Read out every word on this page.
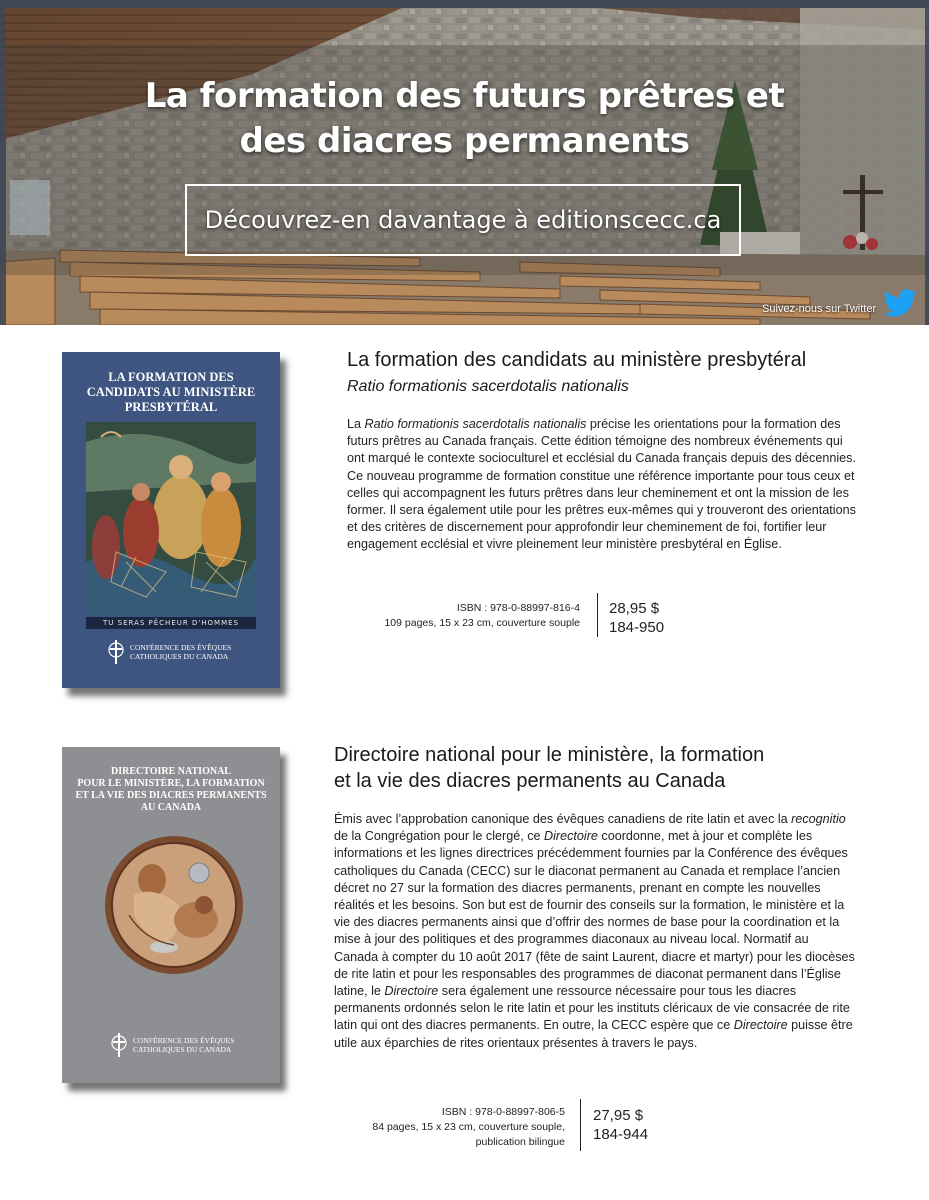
La formation des futurs prêtres et
des diacres permanents
Découvrez-en davantage à editionscecc.ca
Suivez-nous sur Twitter
LA FORMATION DES
CANDIDATS AU MINISTÈRE
PRESBYTÉRAL
TU SERAS PÊCHEUR D'HOMMES
CONFÉRENCE DES ÉVÊQUES
CATHOLIQUES DU CANADA
La formation des candidats au ministère presbytéral
Ratio formationis sacerdotalis nationalis

La Ratio formationis sacerdotalis nationalis précise les orientations pour la formation des futurs prêtres au Canada français. Cette édition témoigne des nombreux événements qui ont marqué le contexte socioculturel et ecclésial du Canada français depuis des décennies. Ce nouveau programme de formation constitue une référence importante pour tous ceux et celles qui accompagnent les futurs prêtres dans leur cheminement et ont la mission de les former. Il sera également utile pour les prêtres eux-mêmes qui y trouveront des orientations et des critères de discernement pour approfondir leur cheminement de foi, fortifier leur engagement ecclésial et vivre pleinement leur ministère presbytéral en Église.

ISBN : 978-0-88997-816-4
109 pages, 15 x 23 cm, couverture souple
28,95 $
184-950
DIRECTOIRE NATIONAL
POUR LE MINISTÈRE, LA FORMATION
ET LA VIE DES DIACRES PERMANENTS
AU CANADA
CONFÉRENCE DES ÉVÊQUES
CATHOLIQUES DU CANADA
Directoire national pour le ministère, la formation
et la vie des diacres permanents au Canada

Émis avec l’approbation canonique des évêques canadiens de rite latin et avec la recognitio de la Congrégation pour le clergé, ce Directoire coordonne, met à jour et complète les informations et les lignes directrices précédemment fournies par la Conférence des évêques catholiques du Canada (CECC) sur le diaconat permanent au Canada et remplace l’ancien décret no 27 sur la formation des diacres permanents, prenant en compte les nouvelles réalités et les besoins. Son but est de fournir des conseils sur la formation, le ministère et la vie des diacres permanents ainsi que d’offrir des normes de base pour la coordination et la mise à jour des politiques et des programmes diaconaux au niveau local. Normatif au Canada à compter du 10 août 2017 (fête de saint Laurent, diacre et martyr) pour les diocèses de rite latin et pour les responsables des programmes de diaconat permanent dans l’Église latine, le Directoire sera également une ressource nécessaire pour tous les diacres permanents ordonnés selon le rite latin et pour les instituts cléricaux de vie consacrée de rite latin qui ont des diacres permanents. En outre, la CECC espère que ce Directoire puisse être utile aux éparchies de rites orientaux présentes à travers le pays.

ISBN : 978-0-88997-806-5
84 pages, 15 x 23 cm, couverture souple,
publication bilingue
27,95 $
184-944
